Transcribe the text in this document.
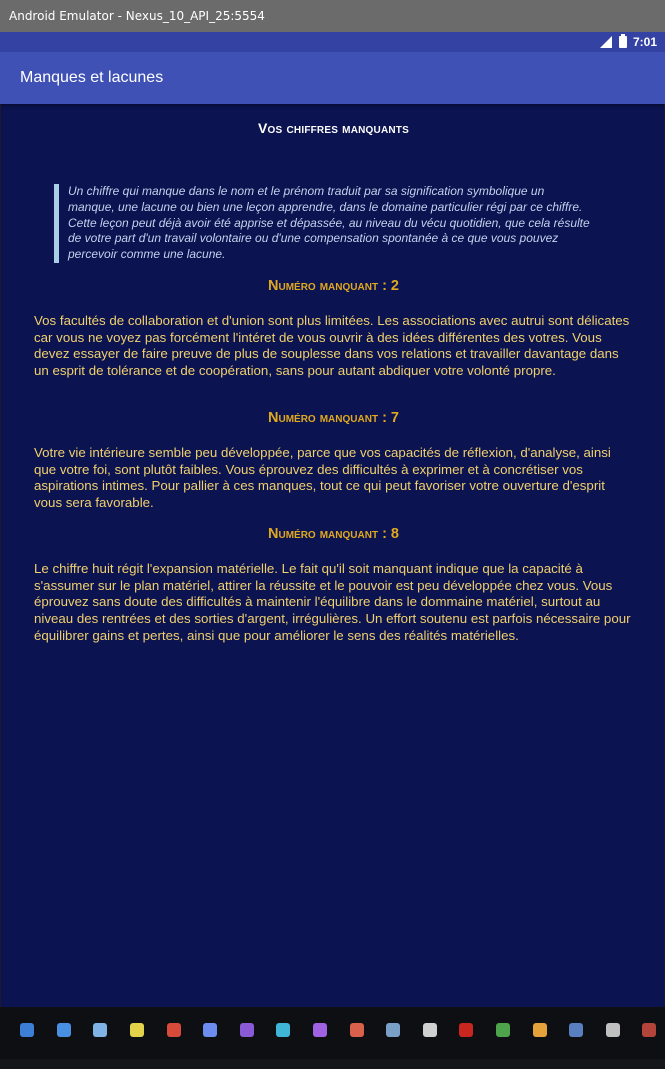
Android Emulator - Nexus_10_API_25:5554
7:01
Manques et lacunes
Vos chiffres manquants
Un chiffre qui manque dans le nom et le prénom traduit par sa signification symbolique un manque, une lacune ou bien une leçon apprendre, dans le domaine particulier régi par ce chiffre. Cette leçon peut déjà avoir été apprise et dépassée, au niveau du vécu quotidien, que cela résulte de votre part d'un travail volontaire ou d'une compensation spontanée à ce que vous pouvez percevoir comme une lacune.
Numéro manquant : 2
Vos facultés de collaboration et d'union sont plus limitées. Les associations avec autrui sont délicates car vous ne voyez pas forcément l'intéret de vous ouvrir à des idées différentes des votres. Vous devez essayer de faire preuve de plus de souplesse dans vos relations et travailler davantage dans un esprit de tolérance et de coopération, sans pour autant abdiquer votre volonté propre.
Numéro manquant : 7
Votre vie intérieure semble peu développée, parce que vos capacités de réflexion, d'analyse, ainsi que votre foi, sont plutôt faibles. Vous éprouvez des difficultés à exprimer et à concrétiser vos aspirations intimes. Pour pallier à ces manques, tout ce qui peut favoriser votre ouverture d'esprit vous sera favorable.
Numéro manquant : 8
Le chiffre huit régit l'expansion matérielle. Le fait qu'il soit manquant indique que la capacité à s'assumer sur le plan matériel, attirer la réussite et le pouvoir est peu développée chez vous. Vous éprouvez sans doute des difficultés à maintenir l'équilibre dans le dommaine matériel, surtout au niveau des rentrées et des sorties d'argent, irrégulières. Un effort soutenu est parfois nécessaire pour équilibrer gains et pertes, ainsi que pour améliorer le sens des réalités matérielles.
